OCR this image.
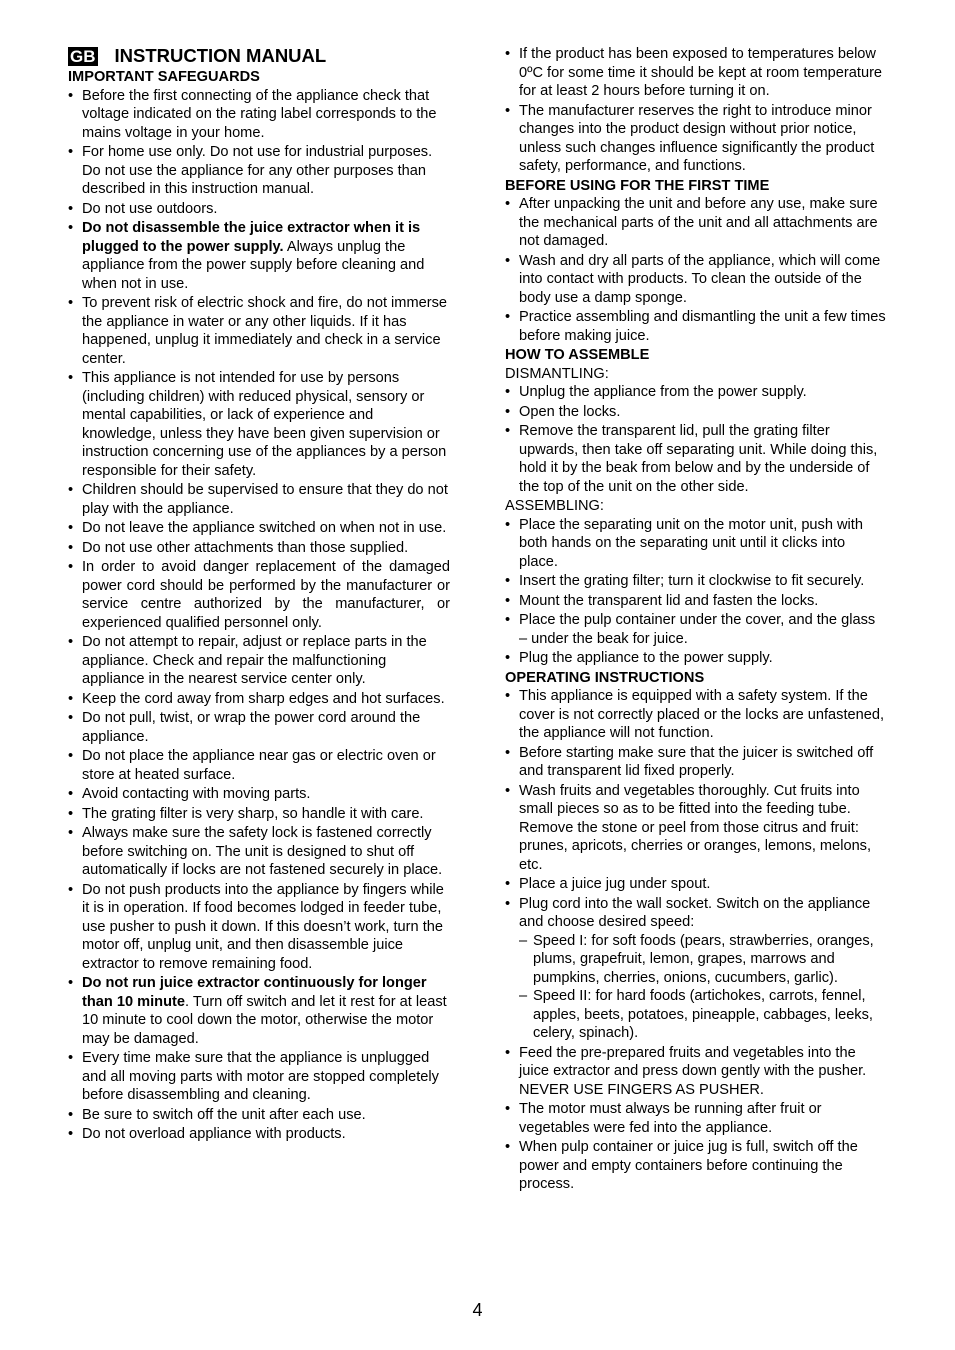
GB INSTRUCTION MANUAL

IMPORTANT SAFEGUARDS

• Before the first connecting of the appliance check that voltage indicated on the rating label corresponds to the mains voltage in your home.
• For home use only. Do not use for industrial purposes. Do not use the appliance for any other purposes than described in this instruction manual.
• Do not use outdoors.
• Do not disassemble the juice extractor when it is plugged to the power supply. Always unplug the appliance from the power supply before cleaning and when not in use.
• To prevent risk of electric shock and fire, do not immerse the appliance in water or any other liquids. If it has happened, unplug it immediately and check in a service center.
• This appliance is not intended for use by persons (including children) with reduced physical, sensory or mental capabilities, or lack of experience and knowledge, unless they have been given supervision or instruction concerning use of the appliances by a person responsible for their safety.
• Children should be supervised to ensure that they do not play with the appliance.
• Do not leave the appliance switched on when not in use.
• Do not use other attachments than those supplied.
• In order to avoid danger replacement of the damaged power cord should be performed by the manufacturer or service centre authorized by the manufacturer, or experienced qualified personnel only.
• Do not attempt to repair, adjust or replace parts in the appliance. Check and repair the malfunctioning appliance in the nearest service center only.
• Keep the cord away from sharp edges and hot surfaces.
• Do not pull, twist, or wrap the power cord around the appliance.
• Do not place the appliance near gas or electric oven or store at heated surface.
• Avoid contacting with moving parts.
• The grating filter is very sharp, so handle it with care.
• Always make sure the safety lock is fastened correctly before switching on. The unit is designed to shut off automatically if locks are not fastened securely in place.
• Do not push products into the appliance by fingers while it is in operation. If food becomes lodged in feeder tube, use pusher to push it down. If this doesn’t work, turn the motor off, unplug unit, and then disassemble juice extractor to remove remaining food.
• Do not run juice extractor continuously for longer than 10 minute. Turn off switch and let it rest for at least 10 minute to cool down the motor, otherwise the motor may be damaged.
• Every time make sure that the appliance is unplugged and all moving parts with motor are stopped completely before disassembling and cleaning.
• Be sure to switch off the unit after each use.
• Do not overload appliance with products.
• If the product has been exposed to temperatures below 0ºC for some time it should be kept at room temperature for at least 2 hours before turning it on.
• The manufacturer reserves the right to introduce minor changes into the product design without prior notice, unless such changes influence significantly the product safety, performance, and functions.

BEFORE USING FOR THE FIRST TIME

• After unpacking the unit and before any use, make sure the mechanical parts of the unit and all attachments are not damaged.
• Wash and dry all parts of the appliance, which will come into contact with products. To clean the outside of the body use a damp sponge.
• Practice assembling and dismantling the unit a few times before making juice.

HOW TO ASSEMBLE

DISMANTLING:

• Unplug the appliance from the power supply.
• Open the locks.
• Remove the transparent lid, pull the grating filter upwards, then take off separating unit. While doing this, hold it by the beak from below and by the underside of the top of the unit on the other side.

ASSEMBLING:

• Place the separating unit on the motor unit, push with both hands on the separating unit until it clicks into place.
• Insert the grating filter; turn it clockwise to fit securely.
• Mount the transparent lid and fasten the locks.
• Place the pulp container under the cover, and the glass – under the beak for juice.
• Plug the appliance to the power supply.

OPERATING INSTRUCTIONS

• This appliance is equipped with a safety system. If the cover is not correctly placed or the locks are unfastened, the appliance will not function.
• Before starting make sure that the juicer is switched off and transparent lid fixed properly.
• Wash fruits and vegetables thoroughly. Cut fruits into small pieces so as to be fitted into the feeding tube. Remove the stone or peel from those citrus and fruit: prunes, apricots, cherries or oranges, lemons, melons, etc.
• Place a juice jug under spout.
• Plug cord into the wall socket. Switch on the appliance and choose desired speed:
– Speed I: for soft foods (pears, strawberries, oranges, plums, grapefruit, lemon, grapes, marrows and pumpkins, cherries, onions, cucumbers, garlic).
– Speed II: for hard foods (artichokes, carrots, fennel, apples, beets, potatoes, pineapple, cabbages, leeks, celery, spinach).
• Feed the pre-prepared fruits and vegetables into the juice extractor and press down gently with the pusher. NEVER USE FINGERS AS PUSHER.
• The motor must always be running after fruit or vegetables were fed into the appliance.
• When pulp container or juice jug is full, switch off the power and empty containers before continuing the process.
4
